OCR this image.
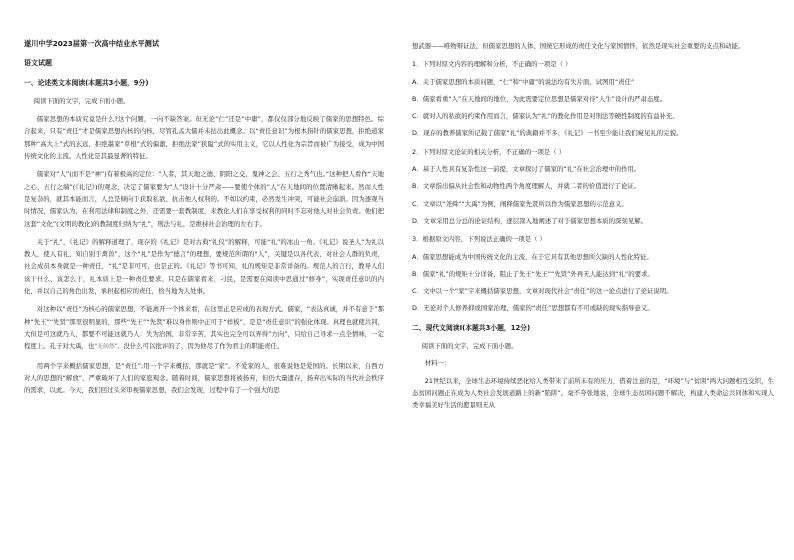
遂川中学2023届第一次高中结业水平测试

语文试题

一、论述类文本阅读(本题共3小题，9分)

阅读下面的文字，完成下面小题。

儒家思想的本质究竟是什么?这个问题，一向不缺答案。但无论“仁”还是“中庸”，都仅仅部分地反映了儒家的思想特色。综合起来，只有“责任”才是儒家思想内核的内核，尽管孔孟大儒并未拈出此概念。以“责任意识”为根本指针的儒家思想，拒绝道家那种“高大上”式的玄远，拒绝墨家“草根”式的偏激，拒绝法家“狭隘”式的实用主义，它以人性化为宗旨而被广为接受，成为中国传统文化的主流。人性化是其最显著的特征。

儒家对“人”(而不是“神”)有着极高的定位：“人者，其天地之德、阴阳之交、鬼神之会、五行之秀气也。”这种把人看作“天地之心、五行之端”(《礼记》)的观念，决定了儒家要为“人”设计十分严肃——要使个体的“人”在天地间的位置清晰起来。然而人性是复杂的，就其本能而言，人总是倾向于获取私欲、抗击他人权利的。不如以约束，必然发生冲突，可能社会崩溃。因为逐观当时情况，儒家认为，在利用法律和制度之外，还需要一套教制度，来教化人们在享受权利的同时不忘对他人对社会负责。他们把这套“文化”(文明的教化)的教制度归纳为“礼”，刑法与礼，是维持社会治理的左右手。

关于“礼”，《礼记》的解释道理了，现存的《礼记》是对古典“礼仪”的解释，可能“礼”的冰山一角。《礼记》说圣人“为礼以教人，使人有礼，知自别于禽兽”，这个“礼”是作为“德言”的理想，要规范所谓的“人”，关键是以各代表、对社会人群的负责，社会成员本身就是一种责任，“礼”是非可可，也是正的。《礼记》等书可知，礼的规矩是非常详备的。规范人的言行，教导人们该干什么、该怎么干，礼本质上是一种责任要求。只是在儒家看来，刁民，是需要在阅读中思通过“修身”，实现责任意识的内化，并以自己的角色出发，承担起相应的责任，恰当地为人处事。

对这种以“责任”为核心的儒家思想，不能离开一个体来看，在这里正是应成的表现方式。儒家，“表达真诚，并不有意于”那种“先王”“先贤”那里很明显的，那些“先王”“先贤”难以身作则中正可于“样板”，是是“责任意识”的强化体现。真理也就使共同，大但是可这就乃人，都要不可能这就乃人：失为治国，非常辛苦，其实也完全可以弄得“方向”，只给自己寻求一点全情味，一定程度上。孔子对大禹，也“无间然”，没什么可以批评的了，因为他尽了作为君主的职能责任。

用两个字来概括儒家思想，是“责任”;用一个字来概括，那就是“家”。不爱家的人，很难说他是爱国的。长期以来，自西方对人的思想的“解放”，严重破坏了人们的家庭观念。随着时间，儒家思想将被扬弃，但仍大量遗存，扬弃出实际的当代社会秩序的需求，以此。今天，我们回过头来审视儒家思想，我们会发现，过程中有了一个强大的思

想武器——唯物辩证法，但儒家思想的人体、国统它形成的责任文化与家国情怀，依然是现实社会重要的支点和动能。

1．下列对原文内容的理解和分析，不正确的一项是（ ）

A．关于儒家思想的本质问题，“仁”和“中庸”的说法均有失片面，试图用“责任”

B．儒家看重“人”在天地间的地位，为此需要定位思想是儒家对待“人生”设计的严肃态度。

C．就对人的私欲的约束作用而言，儒家认为“礼”的教化作用是对刑法等硬性制度的有益补充。

D．现存的教养儒家所记载了儒家“礼”的典籍并不多，《礼记》一书至少能让我们窥见礼的完貌。

2．下列对原文论证的相关分析，不正确的一项是（ ）

A．基于人性具有复杂性这一前提，文章探讨了儒家的“礼”在社会治理中的作用。

B．文章指出偏从社会性和动物性两个角度理解人，并就二者的价值进行了论证。

C．文章以“尧舜”“大禹”为例，阐释儒家先贤所以作为儒家思想的示范意义。

D．文章采用总分总的论证结构，逐层深入地阐述了对于儒家思想本质的深刻见解。

3．根据原文内容，下列说法正确的一项是（ ）

A．儒家思想能成为中国传统文化的主流，在于它具有其他思想所欠缺的人性化特征。

B．儒家“礼”的规矩十分详备，阻止了先王“先王”“先贤”外再无人能达到“礼”的要求。

C．文中以一个“家”字来概括儒家思想，文章对现代社会“责任”的这一论点进行了论证说明。

D．无论对个人修养抑或国家治理，儒家的“责任”思想都有不可或缺的现实指导意义。

二、现代文阅读Ⅰ(本题共3小题，12分)

阅读下面的文字，完成下面小题。

材料一：

21世纪以来，全球生态环境持续恶化给人类带来了前所未有的压力，借着注意的是，“环境”与“贫困”两大问题相互交织，生态贫困问题正在成为人类社会发展道路上的新“陷阱”。毫不夸张地说，全球生态贫困问题不解决，构建人类命运共同体和实现人类幸福美好生活的愿景则无从
